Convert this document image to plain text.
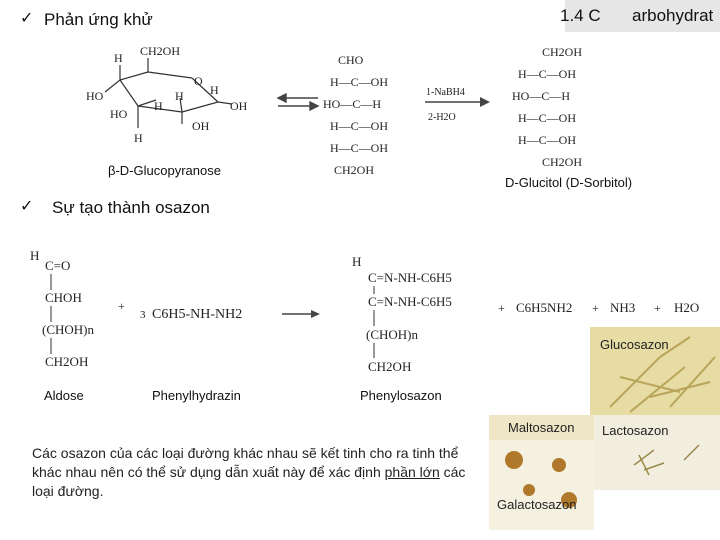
1.4 C arbohydrat
✓ Phản ứng khử
H CH2OH
O
HO
HO
OH
OH
H
H H
H
CHO
H—C—OH
HO—C—H
H—C—OH
H—C—OH
CH2OH
1-NaBH4
2-H2O
CH2OH
H—C—OH
HO—C—H
H—C—OH
H—C—OH
CH2OH
β-D-Glucopyranose
D-Glucitol (D-Sorbitol)
✓ Sự tạo thành osazon
H
C=O
CHOH
(CHOH)n
CH2OH
+
3 C6H5-NH-NH2
H
C=N-NH-C6H5
C=N-NH-C6H5
(CHOH)n
CH2OH
+ C6H5NH2 + NH3 + H2O
Aldose	Phenylhydrazin	Phenylosazon
Glucosazon
Maltosazon Lactosazon
Galactosazon
Các osazon của các loại đường khác nhau sẽ kết tinh cho ra tinh thể khác nhau nên có thể sử dụng dẫn xuất này để xác định phần lớn các loại đường.
